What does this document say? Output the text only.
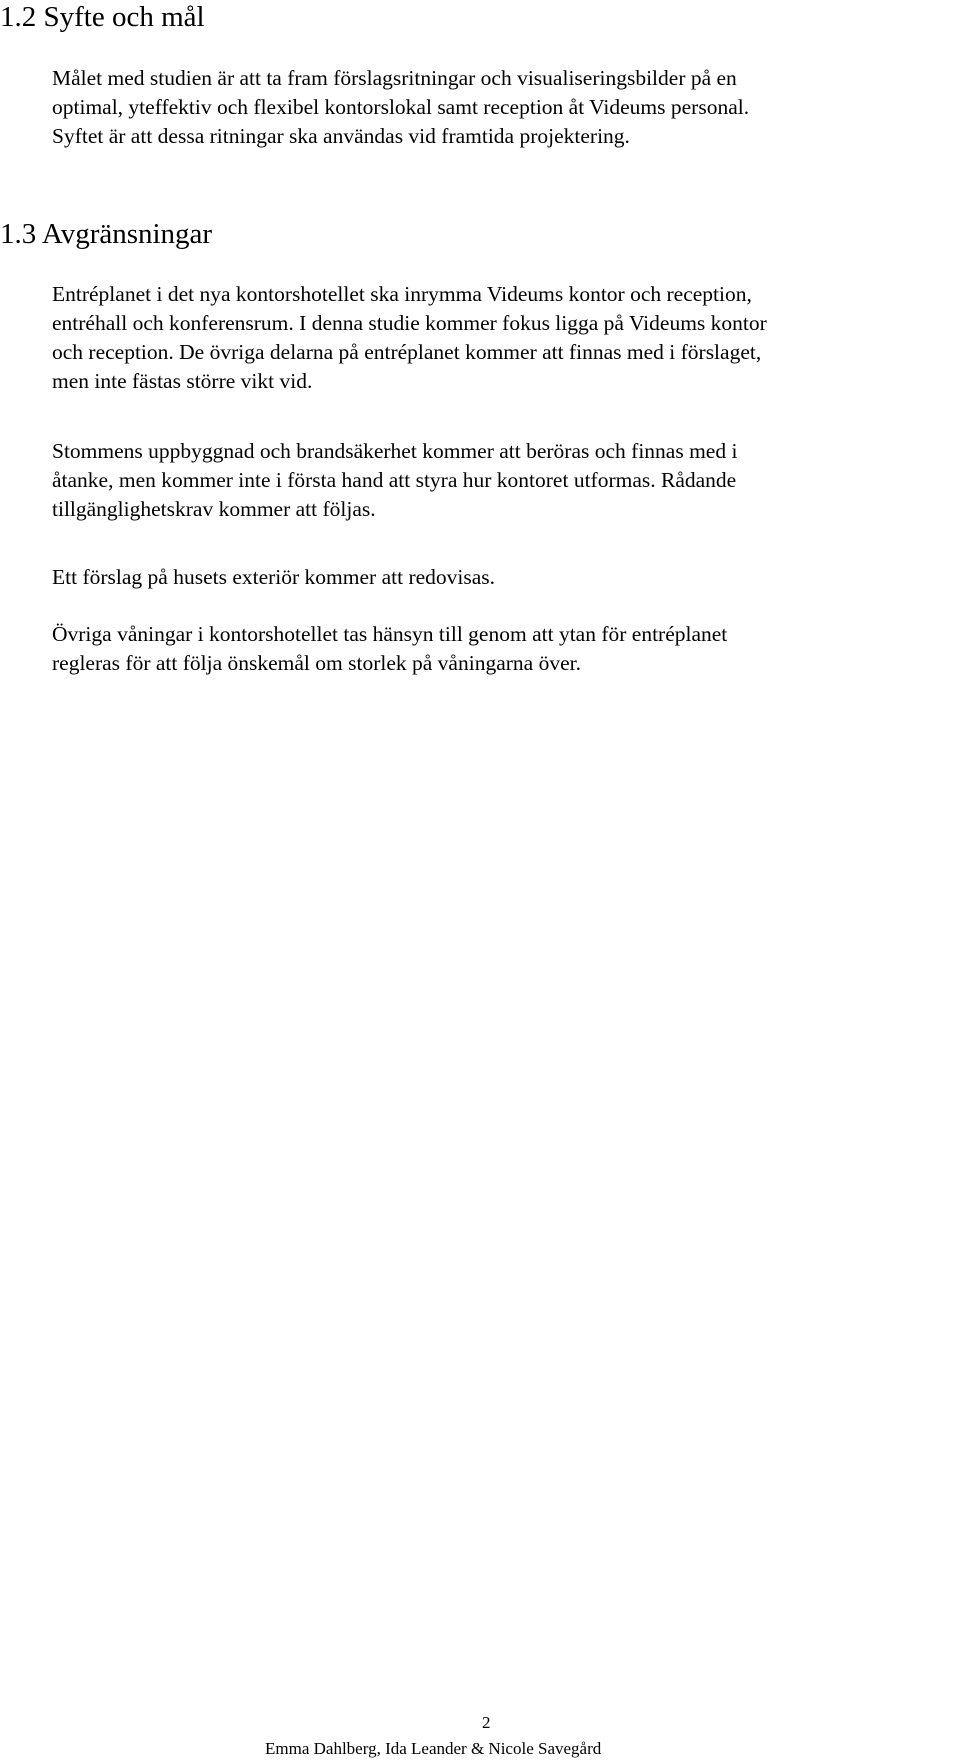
1.2 Syfte och mål

Målet med studien är att ta fram förslagsritningar och visualiseringsbilder på en
optimal, yteffektiv och flexibel kontorslokal samt reception åt Videums personal.
Syftet är att dessa ritningar ska användas vid framtida projektering.

1.3 Avgränsningar

Entréplanet i det nya kontorshotellet ska inrymma Videums kontor och reception,
entréhall och konferensrum. I denna studie kommer fokus ligga på Videums kontor
och reception. De övriga delarna på entréplanet kommer att finnas med i förslaget,
men inte fästas större vikt vid.

Stommens uppbyggnad och brandsäkerhet kommer att beröras och finnas med i
åtanke, men kommer inte i första hand att styra hur kontoret utformas. Rådande
tillgänglighetskrav kommer att följas.

Ett förslag på husets exteriör kommer att redovisas.

Övriga våningar i kontorshotellet tas hänsyn till genom att ytan för entréplanet
regleras för att följa önskemål om storlek på våningarna över.

2
Emma Dahlberg, Ida Leander & Nicole Savegård
